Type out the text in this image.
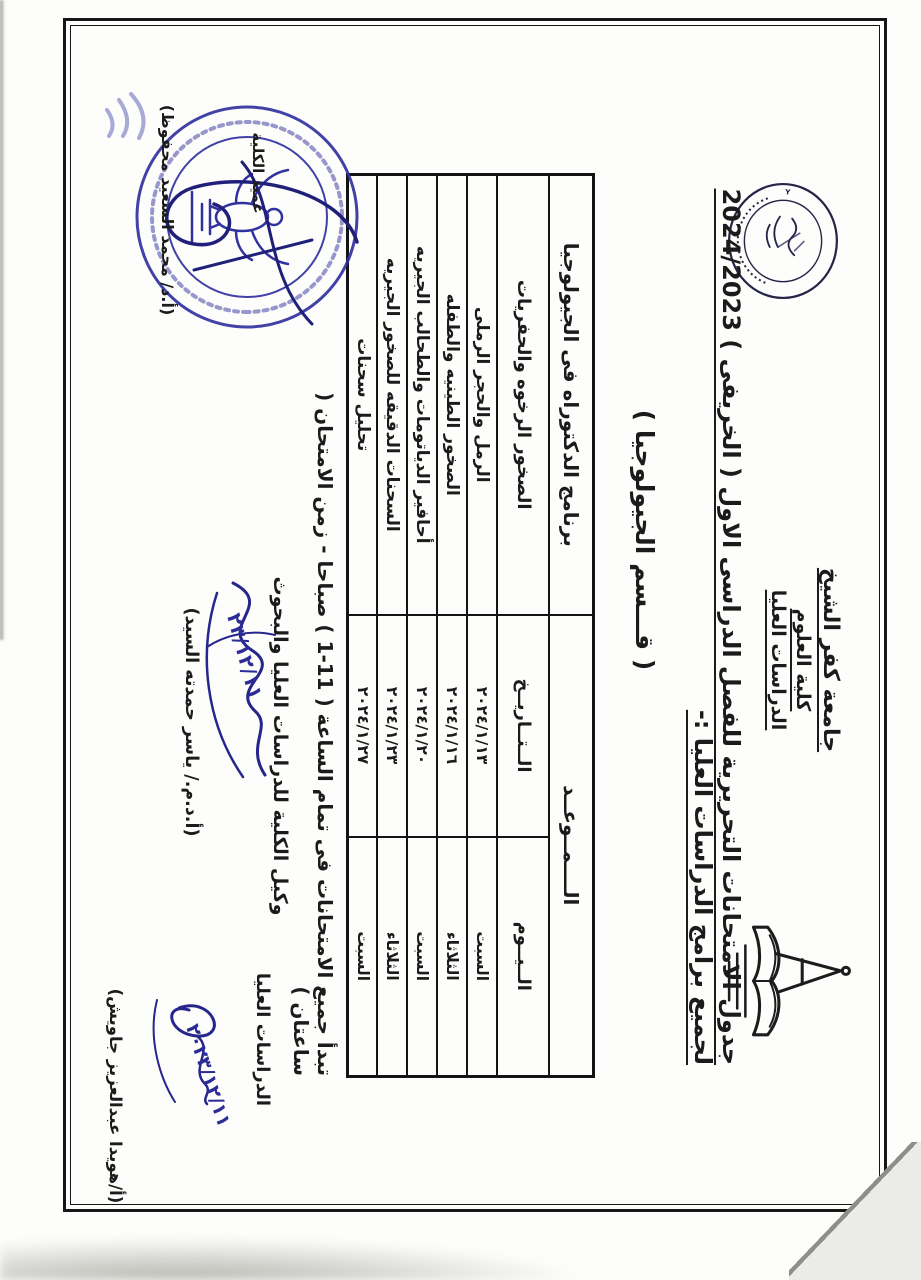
جامعة كفر الشيخ
كلية العلوم
الدراسات العليا
KAFRELSHEIKH UNIVERSITY
جدول الامتحانات التحريرية للفصل الدراسى الاول ( الخريفى ) 2024/2023 لجميع برامج الدراسات العليا :-
( قـــسم الجيولوجيا )
الــــمــوعــد		برنامج الدكتوراه فى الجيولوجيا
الــيــوم	الــتــاريــخ	الصخور الرخوه والحفريات
السبت	٢٠٢٤/١/١٣	الرمل والحجر الرملى
الثلاثاء	٢٠٢٤/١/١٦	الصخور الطينيه والطفله
السبت	٢٠٢٤/١/٢٠	أحافير الدياتومات والطحالب الجيريه
الثلاثاء	٢٠٢٤/١/٢٣	السحنات الدقيقه للصخور الجيريه
السبت	٢٠٢٤/١/٢٧	تحليل سحنات
تبدأ جميع الامتحانات فى تمام الساعة ( 11‏-‏1 ) صباحا - زمن الامتحان ( ساعتان )
وكيل الكلية للدراسات العليا والبحوث
٢٣/١٢/١١
(أ.د.م./ ياسر حمدته السيد)
عميد الكلية
(أ.د/ محمد السعيد محفوظ)
الدراسات العليا
٢٠٢٣/١٢/١١
(أ/هويدا عبدالعزيز جاويش)
